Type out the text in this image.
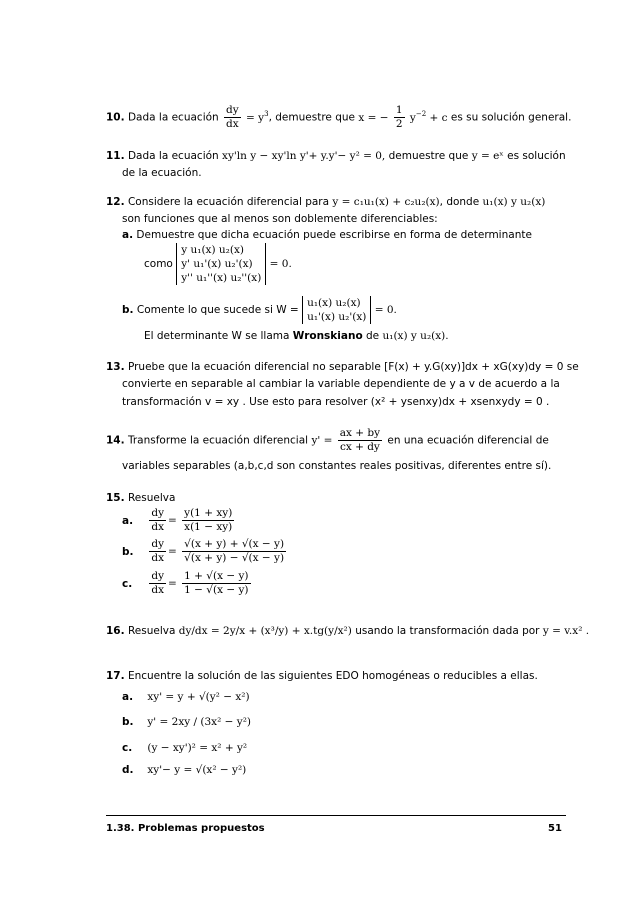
10. Dada la ecuación $\frac{dy}{dx} = y^3$, demuestre que x = − $\frac{1}{2} y^{-2} + c$ es su solución general.
11. Dada la ecuación xy'ln y − xy'ln y'+ y.y'− y² = 0, demuestre que y = eˣ es solución
de la ecuación.
12. Considere la ecuación diferencial para y = c₁u₁(x) + c₂u₂(x), donde u₁(x) y u₂(x)
son funciones que al menos son doblemente diferenciables:
a. Demuestre que dicha ecuación puede escribirse en forma de determinante
como
y u₁(x) u₂(x)
y' u₁'(x) u₂'(x)
y'' u₁''(x) u₂''(x)
= 0.
b. Comente lo que sucede si W =
u₁(x) u₂(x)
u₁'(x) u₂'(x)
= 0.
El determinante W se llama Wronskiano de u₁(x) y u₂(x).
13. Pruebe que la ecuación diferencial no separable [F(x) + y.G(xy)]dx + xG(xy)dy = 0 se
convierte en separable al cambiar la variable dependiente de y a v de acuerdo a la
transformación v = xy . Use esto para resolver (x² + ysenxy)dx + xsenxydy = 0 .
14. Transforme la ecuación diferencial $y' = \frac{ax + by}{cx + dy}$ en una ecuación diferencial de
variables separables (a,b,c,d son constantes reales positivas, diferentes entre sí).
15. Resuelva
a. $\frac{dy}{dx} = \frac{y(1 + xy)}{x(1 - xy)}$
b. $\frac{dy}{dx} = \frac{√(x + y) + √(x - y)}{√(x + y) - √(x - y)}$
c. $\frac{dy}{dx} = \frac{1 + √(x - y)}{1 - √(x - y)}$
16. Resuelva dy/dx = 2y/x + (x³/y) + x.tg(y/x²) usando la transformación dada por y = v.x² .
17. Encuentre la solución de las siguientes EDO homogéneas o reducibles a ellas.
a. xy' = y + √(y² − x²)
b. y' = 2xy / (3x² − y²)
c. (y − xy')² = x² + y²
d. xy'− y = √(x² − y²)
1.38. Problemas propuestos	51
